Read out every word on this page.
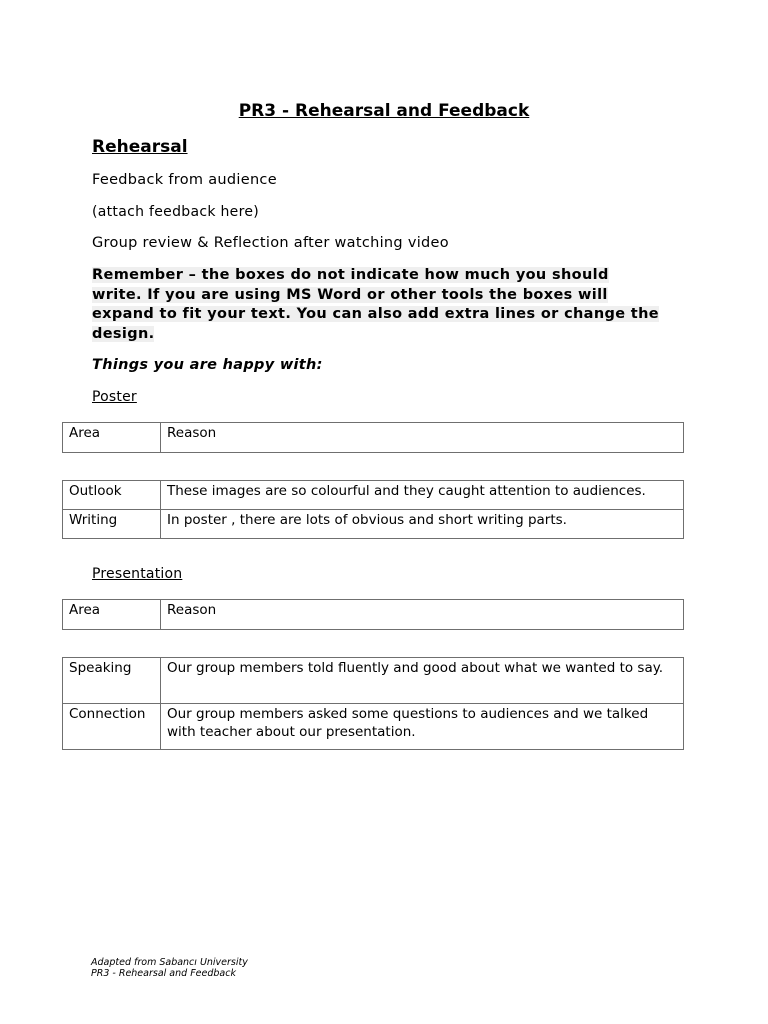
PR3 - Rehearsal and Feedback
Rehearsal
Feedback from audience
(attach feedback here)
Group review & Reflection after watching video
Remember – the boxes do not indicate how much you should
write. If you are using MS Word or other tools the boxes will
expand to fit your text. You can also add extra lines or change the
design.
Things you are happy with:
Poster
Area	Reason
Outlook	These images are so colourful and they caught attention to audiences.
Writing	In poster , there are lots of obvious and short writing parts.
Presentation
Area	Reason
Speaking	Our group members told fluently and good about what we wanted to say.
Connection	Our group members asked some questions to audiences and we talked with teacher about our presentation.
Adapted from Sabancı University
PR3 - Rehearsal and Feedback
